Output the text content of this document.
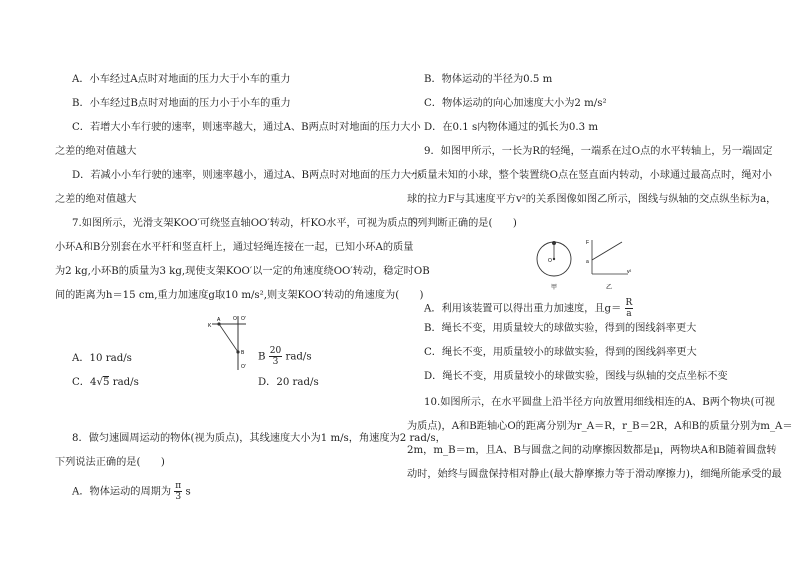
A．小车经过A点时对地面的压力大于小车的重力
B．小车经过B点时对地面的压力小于小车的重力
C．若增大小车行驶的速率，则速率越大，通过A、B两点时对地面的压力大小
之差的绝对值越大
D．若减小小车行驶的速率，则速率越小，通过A、B两点时对地面的压力大小
之差的绝对值越大
7.如图所示，光滑支架KOO′可绕竖直轴OO′转动，杆KO水平，可视为质点的
小环A和B分别套在水平杆和竖直杆上，通过轻绳连接在一起，已知小环A的质量
为2 kg,小环B的质量为3 kg,现使支架KOO′以一定的角速度绕OO′转动，稳定时OB
间的距离为h＝15 cm,重力加速度g取10 m/s²,则支架KOO′转动的角速度为(　　)
K
A	O O′
B
O′
A．10 rad/s	B $\frac{20}{3} rad/s$
C．4√5 rad/s	D．20 rad/s
8．做匀速圆周运动的物体(视为质点)，其线速度大小为1 m/s，角速度为2 rad/s，
下列说法正确的是(　　)
A．物体运动的周期为 $\frac{\pi}{3}$ s
B．物体运动的半径为0.5 m
C．物体运动的向心加速度大小为2 m/s²
D．在0.1 s内物体通过的弧长为0.3 m
9．如图甲所示，一长为R的轻绳，一端系在过O点的水平转轴上，另一端固定
一质量未知的小球，整个装置绕O点在竖直面内转动，小球通过最高点时，绳对小
球的拉力F与其速度平方v²的关系图像如图乙所示，图线与纵轴的交点纵坐标为a，
下列判断正确的是(　　)
O
甲
F
a
v²
乙
A．利用该装置可以得出重力加速度，且$g= \frac{R}{a}$
B．绳长不变，用质量较大的球做实验，得到的图线斜率更大
C．绳长不变，用质量较小的球做实验，得到的图线斜率更大
D．绳长不变，用质量较小的球做实验，图线与纵轴的交点坐标不变
10.如图所示，在水平圆盘上沿半径方向放置用细线相连的A、B两个物块(可视
为质点)，A和B距轴心O的距离分别为r_A＝R，r_B＝2R，A和B的质量分别为m_A＝
2m，m_B＝m，且A、B与圆盘之间的动摩擦因数都是μ，两物块A和B随着圆盘转
动时，始终与圆盘保持相对静止(最大静摩擦力等于滑动摩擦力)，细绳所能承受的最
